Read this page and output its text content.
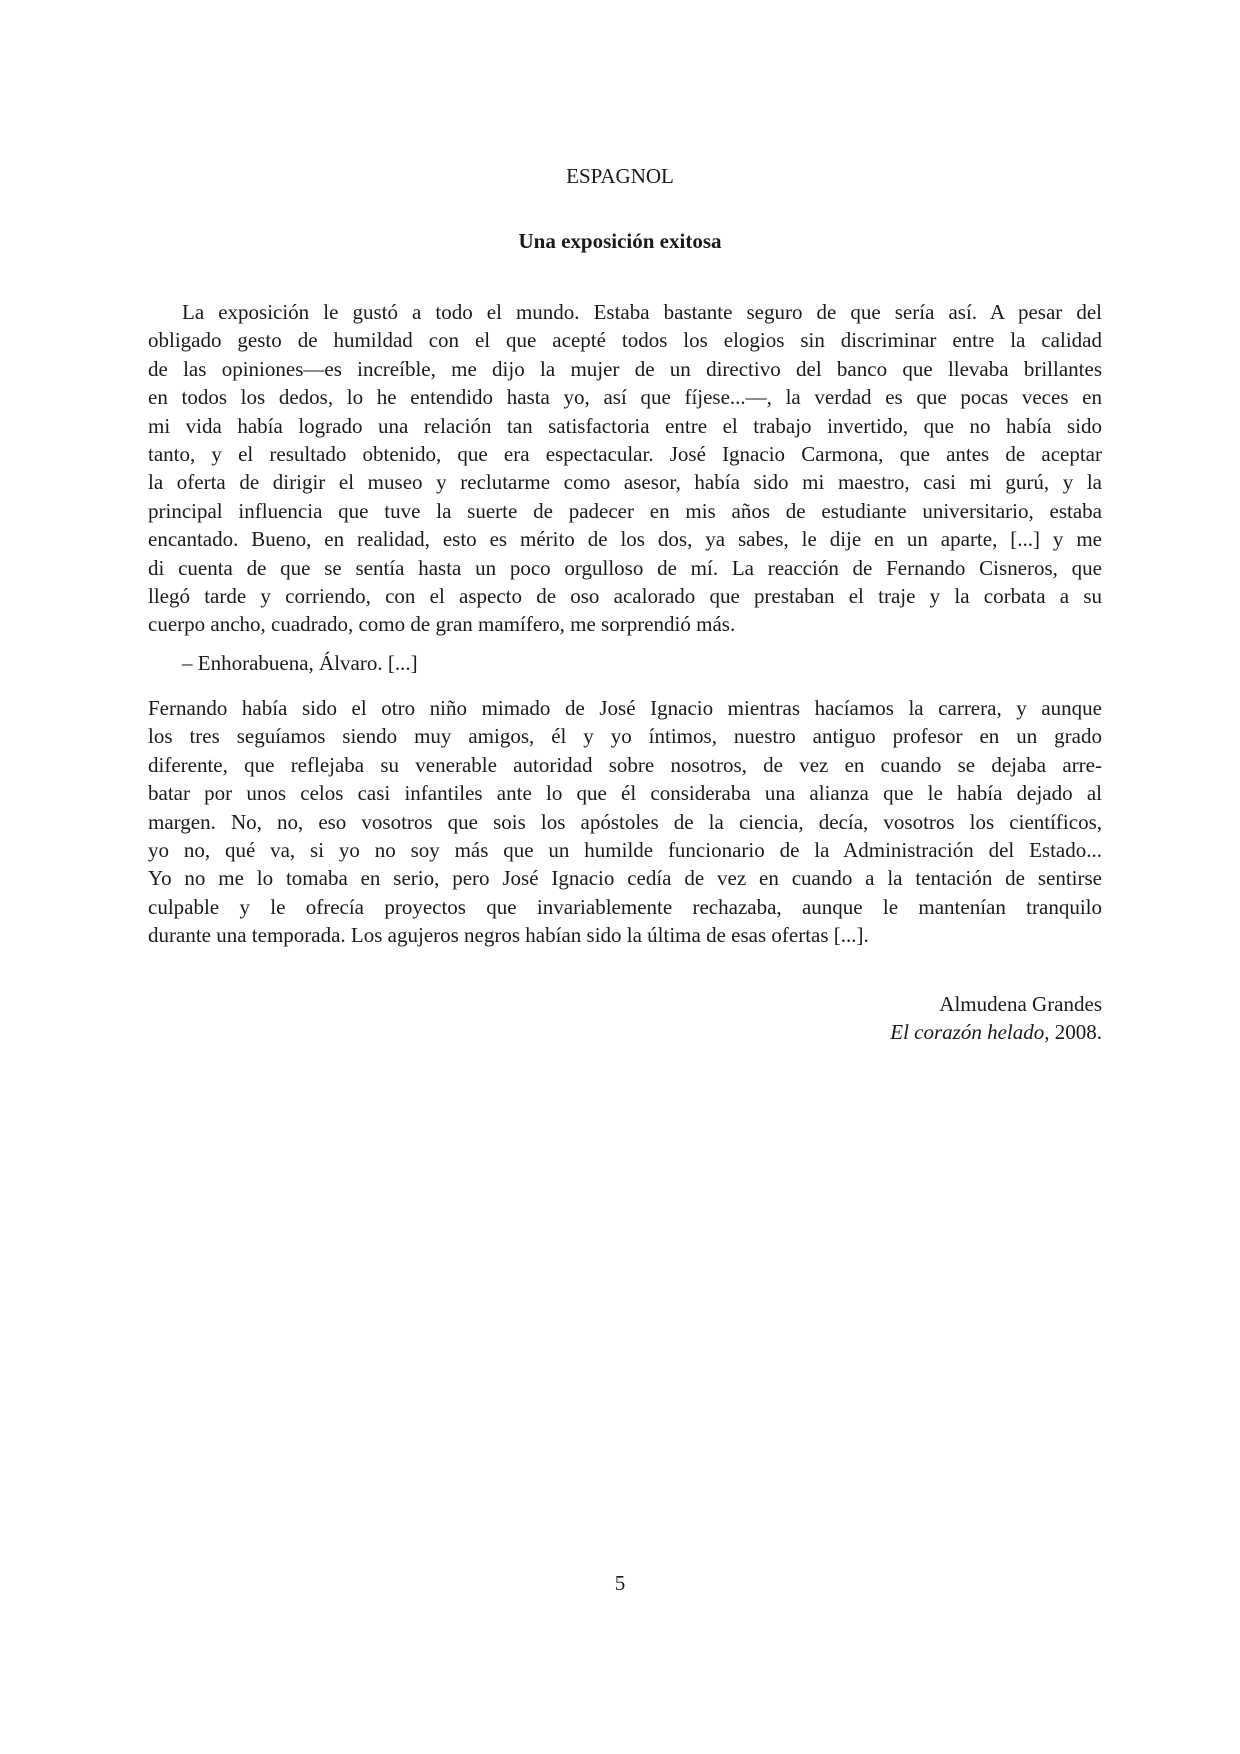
ESPAGNOL
Una exposición exitosa
La exposición le gustó a todo el mundo. Estaba bastante seguro de que sería así. A pesar del
obligado gesto de humildad con el que acepté todos los elogios sin discriminar entre la calidad
de las opiniones—es increíble, me dijo la mujer de un directivo del banco que llevaba brillantes
en todos los dedos, lo he entendido hasta yo, así que fíjese...—, la verdad es que pocas veces en
mi vida había logrado una relación tan satisfactoria entre el trabajo invertido, que no había sido
tanto, y el resultado obtenido, que era espectacular. José Ignacio Carmona, que antes de aceptar
la oferta de dirigir el museo y reclutarme como asesor, había sido mi maestro, casi mi gurú, y la
principal influencia que tuve la suerte de padecer en mis años de estudiante universitario, estaba
encantado. Bueno, en realidad, esto es mérito de los dos, ya sabes, le dije en un aparte, [...] y me
di cuenta de que se sentía hasta un poco orgulloso de mí. La reacción de Fernando Cisneros, que
llegó tarde y corriendo, con el aspecto de oso acalorado que prestaban el traje y la corbata a su
cuerpo ancho, cuadrado, como de gran mamífero, me sorprendió más.
– Enhorabuena, Álvaro. [...]
Fernando había sido el otro niño mimado de José Ignacio mientras hacíamos la carrera, y aunque
los tres seguíamos siendo muy amigos, él y yo íntimos, nuestro antiguo profesor en un grado
diferente, que reflejaba su venerable autoridad sobre nosotros, de vez en cuando se dejaba arre-
batar por unos celos casi infantiles ante lo que él consideraba una alianza que le había dejado al
margen. No, no, eso vosotros que sois los apóstoles de la ciencia, decía, vosotros los científicos,
yo no, qué va, si yo no soy más que un humilde funcionario de la Administración del Estado...
Yo no me lo tomaba en serio, pero José Ignacio cedía de vez en cuando a la tentación de sentirse
culpable y le ofrecía proyectos que invariablemente rechazaba, aunque le mantenían tranquilo
durante una temporada. Los agujeros negros habían sido la última de esas ofertas [...].
Almudena Grandes
El corazón helado, 2008.
5
